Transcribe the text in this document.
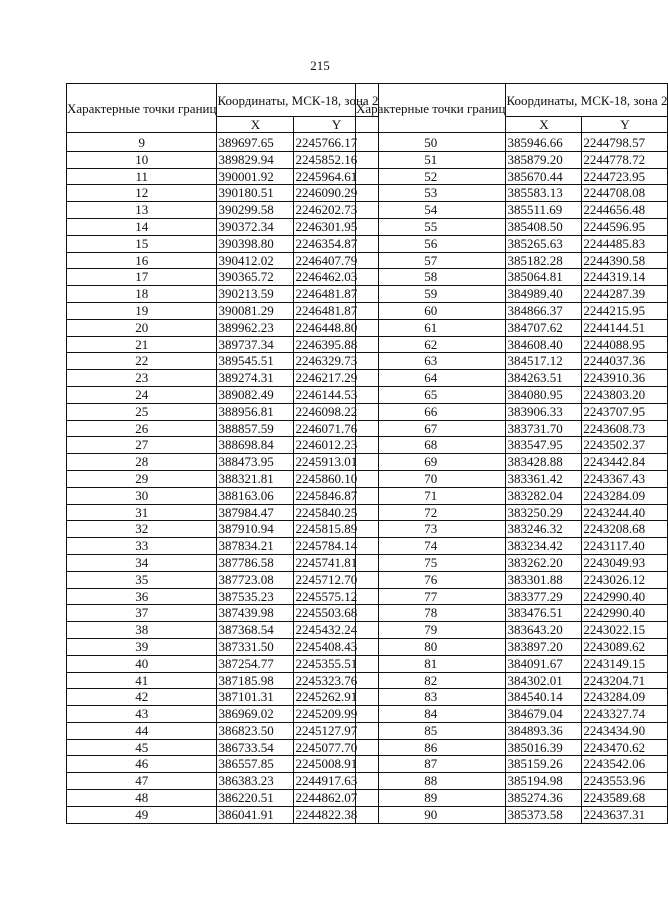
215
Характерные точки границ	Координаты, МСК-18, зона 2	
	X	Y
9	389697.65	2245766.17
10	389829.94	2245852.16
11	390001.92	2245964.61
12	390180.51	2246090.29
13	390299.58	2246202.73
14	390372.34	2246301.95
15	390398.80	2246354.87
16	390412.02	2246407.79
17	390365.72	2246462.03
18	390213.59	2246481.87
19	390081.29	2246481.87
20	389962.23	2246448.80
21	389737.34	2246395.88
22	389545.51	2246329.73
23	389274.31	2246217.29
24	389082.49	2246144.53
25	388956.81	2246098.22
26	388857.59	2246071.76
27	388698.84	2246012.23
28	388473.95	2245913.01
29	388321.81	2245860.10
30	388163.06	2245846.87
31	387984.47	2245840.25
32	387910.94	2245815.89
33	387834.21	2245784.14
34	387786.58	2245741.81
35	387723.08	2245712.70
36	387535.23	2245575.12
37	387439.98	2245503.68
38	387368.54	2245432.24
39	387331.50	2245408.43
40	387254.77	2245355.51
41	387185.98	2245323.76
42	387101.31	2245262.91
43	386969.02	2245209.99
44	386823.50	2245127.97
45	386733.54	2245077.70
46	386557.85	2245008.91
47	386383.23	2244917.63
48	386220.51	2244862.07
49	386041.91	2244822.38
Характерные точки границ	Координаты, МСК-18, зона 2	
	X	Y
50	385946.66	2244798.57
51	385879.20	2244778.72
52	385670.44	2244723.95
53	385583.13	2244708.08
54	385511.69	2244656.48
55	385408.50	2244596.95
56	385265.63	2244485.83
57	385182.28	2244390.58
58	385064.81	2244319.14
59	384989.40	2244287.39
60	384866.37	2244215.95
61	384707.62	2244144.51
62	384608.40	2244088.95
63	384517.12	2244037.36
64	384263.51	2243910.36
65	384080.95	2243803.20
66	383906.33	2243707.95
67	383731.70	2243608.73
68	383547.95	2243502.37
69	383428.88	2243442.84
70	383361.42	2243367.43
71	383282.04	2243284.09
72	383250.29	2243244.40
73	383246.32	2243208.68
74	383234.42	2243117.40
75	383262.20	2243049.93
76	383301.88	2243026.12
77	383377.29	2242990.40
78	383476.51	2242990.40
79	383643.20	2243022.15
80	383897.20	2243089.62
81	384091.67	2243149.15
82	384302.01	2243204.71
83	384540.14	2243284.09
84	384679.04	2243327.74
85	384893.36	2243434.90
86	385016.39	2243470.62
87	385159.26	2243542.06
88	385194.98	2243553.96
89	385274.36	2243589.68
90	385373.58	2243637.31
